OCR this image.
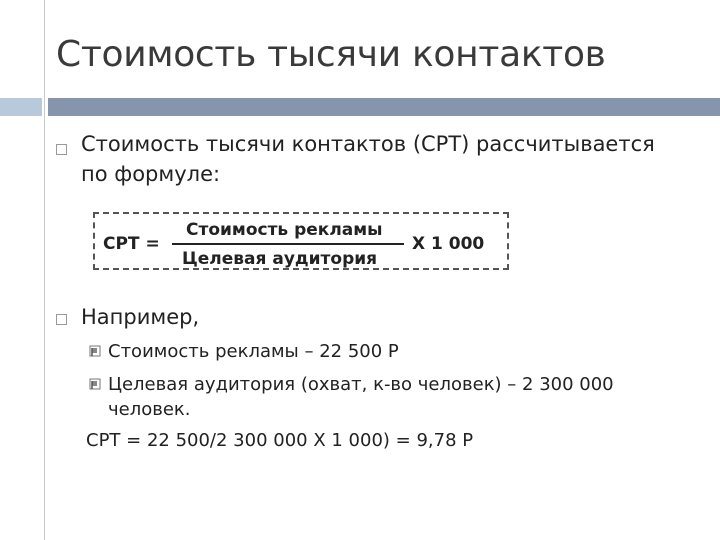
Стоимость тысячи контактов
Стоимость тысячи контактов (CPT) рассчитывается
по формуле:
CPT =
Стоимость рекламы
Целевая аудитория
Х 1 000
Например,
Стоимость рекламы – 22 500 Р
Целевая аудитория (охват, к-во человек) – 2 300 000
человек.
CPT = 22 500/2 300 000 Х 1 000) = 9,78 Р
